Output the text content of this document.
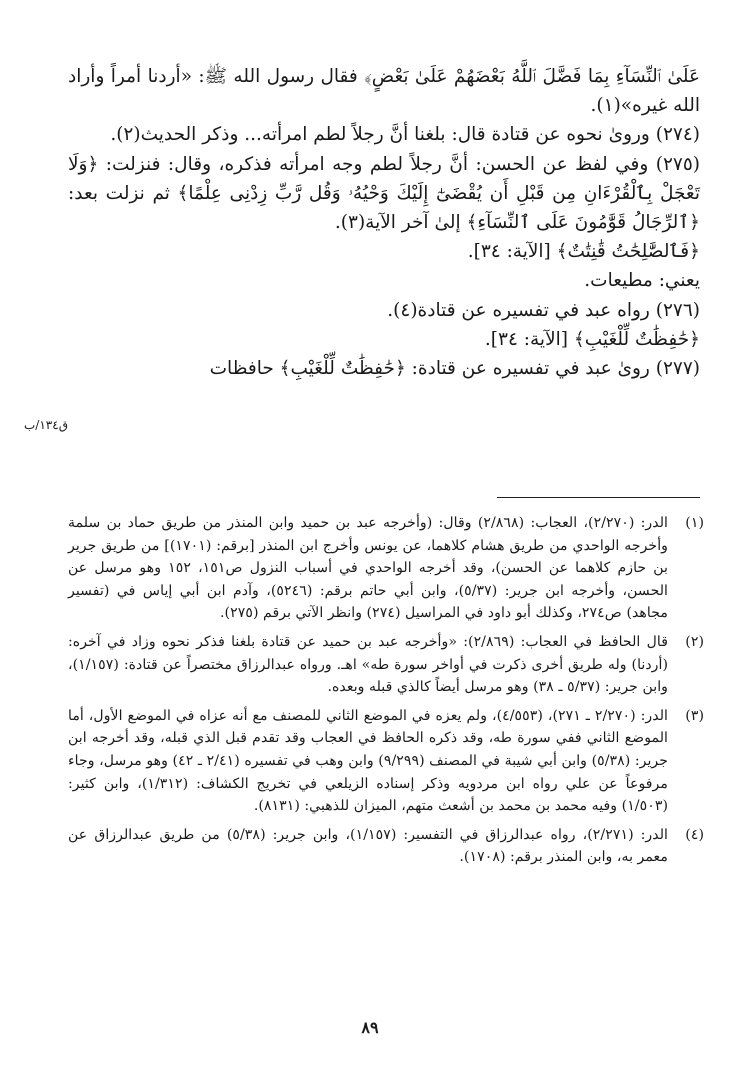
عَلَىٰ ٱلنِّسَآءِ بِمَا فَضَّلَ ٱللَّهُ بَعْضَهُمْ عَلَىٰ بَعْضٍ﴾ فقال رسول الله ﷺ: «أردنا أمراً وأراد الله غيره»(١).

(٢٧٤) وروىٰ نحوه عن قتادة قال: بلغنا أنَّ رجلاً لطم امرأته... وذكر الحديث(٢).

(٢٧٥) وفي لفظ عن الحسن: أنَّ رجلاً لطم وجه امرأته فذكره، وقال: فنزلت: ﴿وَلَا تَعْجَلْ بِٱلْقُرْءَانِ مِن قَبْلِ أَن يُقْضَىٰٓ إِلَيْكَ وَحْيُهُۥ وَقُل رَّبِّ زِدْنِى عِلْمًا﴾ ثم نزلت بعد: ﴿ٱلرِّجَالُ قَوَّٰمُونَ عَلَى ٱلنِّسَآءِ﴾ إلىٰ آخر الآية(٣).

﴿فَٱلصَّٰلِحَٰتُ قَٰنِتَٰتٌ﴾ [الآية: ٣٤].

يعني: مطيعات.

(٢٧٦) رواه عبد في تفسيره عن قتادة(٤).

﴿حَٰفِظَٰتٌ لِّلْغَيْبِ﴾ [الآية: ٣٤].

(٢٧٧) روىٰ عبد في تفسيره عن قتادة: ﴿حَٰفِظَٰتٌ لِّلْغَيْبِ﴾ حافظات

ق١٣٤/ب
(١)
الدر: (٢/٢٧٠)، العجاب: (٢/٨٦٨) وقال: (وأخرجه عبد بن حميد وابن المنذر من طريق حماد بن سلمة وأخرجه الواحدي من طريق هشام كلاهما، عن يونس وأخرج ابن المنذر [برقم: (١٧٠١)] من طريق جرير بن حازم كلاهما عن الحسن)، وقد أخرجه الواحدي في أسباب النزول ص١٥١، ١٥٢ وهو مرسل عن الحسن، وأخرجه ابن جرير: (٥/٣٧)، وابن أبي حاتم برقم: (٥٢٤٦)، وآدم ابن أبي إياس في (تفسير مجاهد) ص٢٧٤، وكذلك أبو داود في المراسيل (٢٧٤) وانظر الآتي برقم (٢٧٥).
(٢)
قال الحافظ في العجاب: (٢/٨٦٩): «وأخرجه عبد بن حميد عن قتادة بلغنا فذكر نحوه وزاد في آخره: (أردنا) وله طريق أخرى ذكرت في أواخر سورة طه» اهـ. ورواه عبدالرزاق مختصراً عن قتادة: (١/١٥٧)، وابن جرير: (٥/٣٧ ـ ٣٨) وهو مرسل أيضاً كالذي قبله وبعده.
(٣)
الدر: (٢/٢٧٠ ـ ٢٧١)، (٤/٥٥٣)، ولم يعزه في الموضع الثاني للمصنف مع أنه عزاه في الموضع الأول، أما الموضع الثاني ففي سورة طه، وقد ذكره الحافظ في العجاب وقد تقدم قبل الذي قبله، وقد أخرجه ابن جرير: (٥/٣٨) وابن أبي شيبة في المصنف (٩/٢٩٩) وابن وهب في تفسيره (٢/٤١ ـ ٤٢) وهو مرسل، وجاء مرفوعاً عن علي رواه ابن مردويه وذكر إسناده الزيلعي في تخريج الكشاف: (١/٣١٢)، وابن كثير: (١/٥٠٣) وفيه محمد بن محمد بن أشعث متهم، الميزان للذهبي: (٨١٣١).
(٤)
الدر: (٢/٢٧١)، رواه عبدالرزاق في التفسير: (١/١٥٧)، وابن جرير: (٥/٣٨) من طريق عبدالرزاق عن معمر به، وابن المنذر برقم: (١٧٠٨).
٨٩
